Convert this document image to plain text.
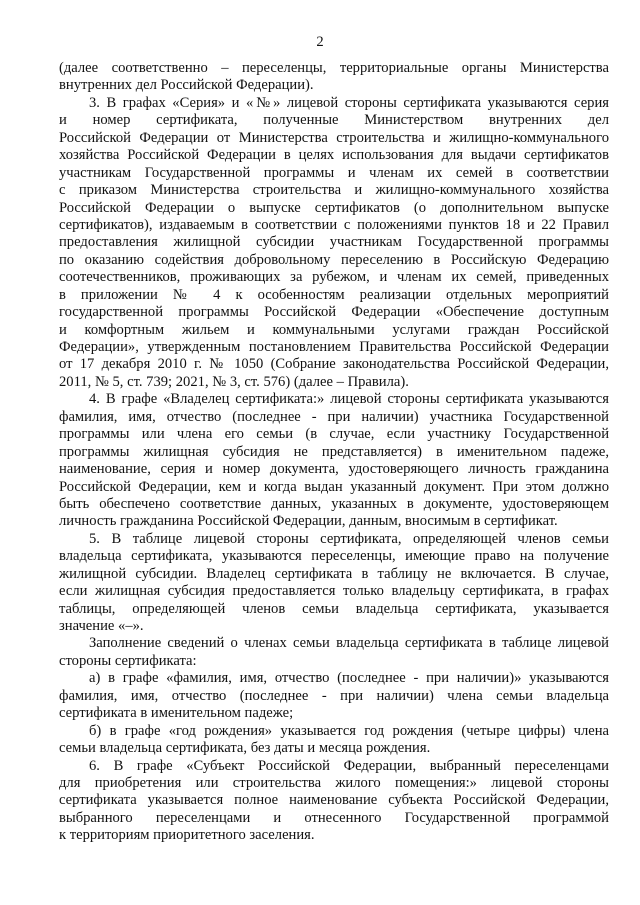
2
(далее соответственно – переселенцы, территориальные органы Министерства
внутренних дел Российской Федерации).
3. В графах «Серия» и «№» лицевой стороны сертификата указываются серия
и номер сертификата, полученные Министерством внутренних дел
Российской Федерации от Министерства строительства и жилищно-коммунального
хозяйства Российской Федерации в целях использования для выдачи сертификатов
участникам Государственной программы и членам их семей в соответствии
с приказом Министерства строительства и жилищно-коммунального хозяйства
Российской Федерации о выпуске сертификатов (о дополнительном выпуске
сертификатов), издаваемым в соответствии с положениями пунктов 18 и 22 Правил
предоставления жилищной субсидии участникам Государственной программы
по оказанию содействия добровольному переселению в Российскую Федерацию
соотечественников, проживающих за рубежом, и членам их семей, приведенных
в приложении № 4 к особенностям реализации отдельных мероприятий
государственной программы Российской Федерации «Обеспечение доступным
и комфортным жильем и коммунальными услугами граждан Российской
Федерации», утвержденным постановлением Правительства Российской Федерации
от 17 декабря 2010 г. № 1050 (Собрание законодательства Российской Федерации,
2011, № 5, ст. 739; 2021, № 3, ст. 576) (далее – Правила).
4. В графе «Владелец сертификата:» лицевой стороны сертификата указываются
фамилия, имя, отчество (последнее - при наличии) участника Государственной
программы или члена его семьи (в случае, если участнику Государственной
программы жилищная субсидия не представляется) в именительном падеже,
наименование, серия и номер документа, удостоверяющего личность гражданина
Российской Федерации, кем и когда выдан указанный документ. При этом должно
быть обеспечено соответствие данных, указанных в документе, удостоверяющем
личность гражданина Российской Федерации, данным, вносимым в сертификат.
5. В таблице лицевой стороны сертификата, определяющей членов семьи
владельца сертификата, указываются переселенцы, имеющие право на получение
жилищной субсидии. Владелец сертификата в таблицу не включается. В случае,
если жилищная субсидия предоставляется только владельцу сертификата, в графах
таблицы, определяющей членов семьи владельца сертификата, указывается
значение «–».
Заполнение сведений о членах семьи владельца сертификата в таблице лицевой
стороны сертификата:
а) в графе «фамилия, имя, отчество (последнее - при наличии)» указываются
фамилия, имя, отчество (последнее - при наличии) члена семьи владельца
сертификата в именительном падеже;
б) в графе «год рождения» указывается год рождения (четыре цифры) члена
семьи владельца сертификата, без даты и месяца рождения.
6. В графе «Субъект Российской Федерации, выбранный переселенцами
для приобретения или строительства жилого помещения:» лицевой стороны
сертификата указывается полное наименование субъекта Российской Федерации,
выбранного переселенцами и отнесенного Государственной программой
к территориям приоритетного заселения.
